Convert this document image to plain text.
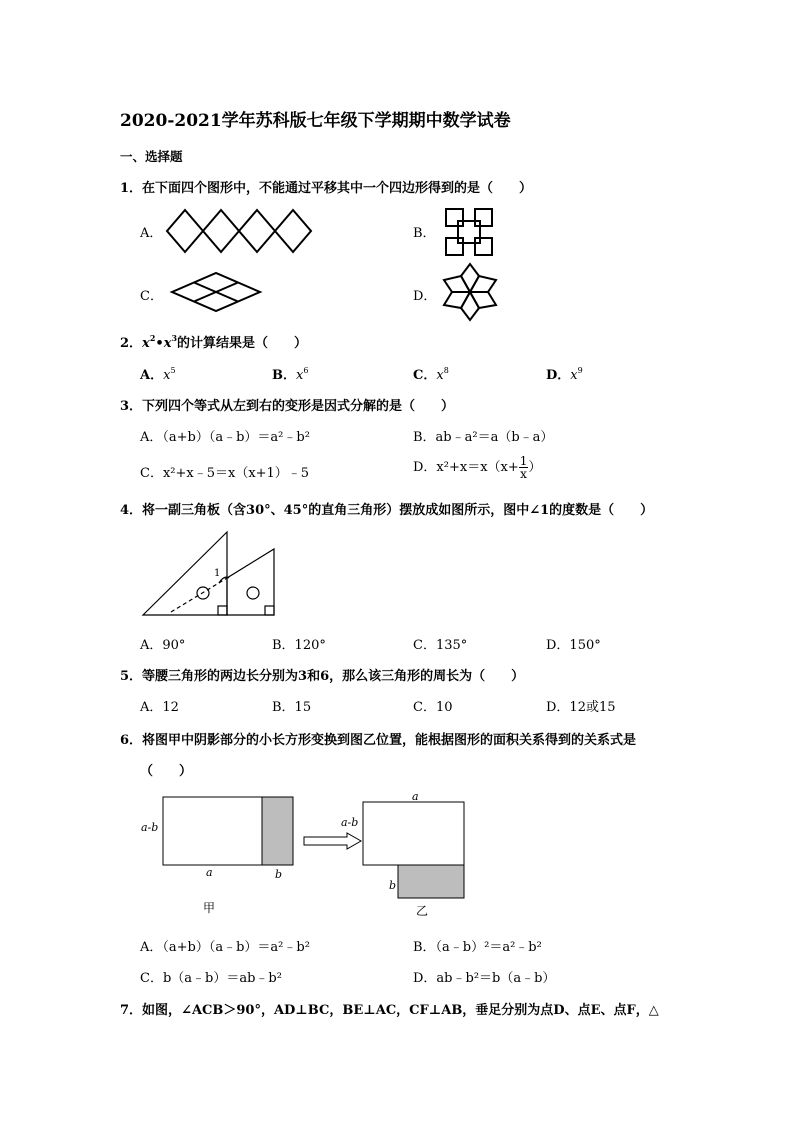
2020-2021学年苏科版七年级下学期期中数学试卷
一、选择题
1．在下面四个图形中，不能通过平移其中一个四边形得到的是（　　）
A．	B．
C．	D．
2．$x^2•x^3$的计算结果是（　　）
A．$x^5$	B．$x^6$	C．$x^8$	D．$x^9$
3．下列四个等式从左到右的变形是因式分解的是（　　）
A．（a+b）（a﹣b）＝a²﹣b²	B．ab﹣a²＝a（b﹣a）
C．x²+x﹣5＝x（x+1）﹣5	D．$x^2+x=x(x+ \frac{1}{x}$ ）
4．将一副三角板（含30°、45°的直角三角形）摆放成如图所示，图中∠1的度数是（　　）
1
A．90°	B．120°	C．135°	D．150°
5．等腰三角形的两边长分别为3和6，那么该三角形的周长为（　　）
A．12	B．15	C．10	D．12或15
6．将图甲中阴影部分的小长方形变换到图乙位置，能根据图形的面积关系得到的关系式是
（　　）
a-b
a	b
a
a-b
b
甲	乙
A．（a+b）（a﹣b）＝a²﹣b²	B．（a﹣b）²＝a²﹣b²
C．b（a﹣b）＝ab﹣b²	D．ab﹣b²＝b（a﹣b）
7．如图，∠ACB＞90°，AD⊥BC，BE⊥AC，CF⊥AB，垂足分别为点D、点E、点F，△
